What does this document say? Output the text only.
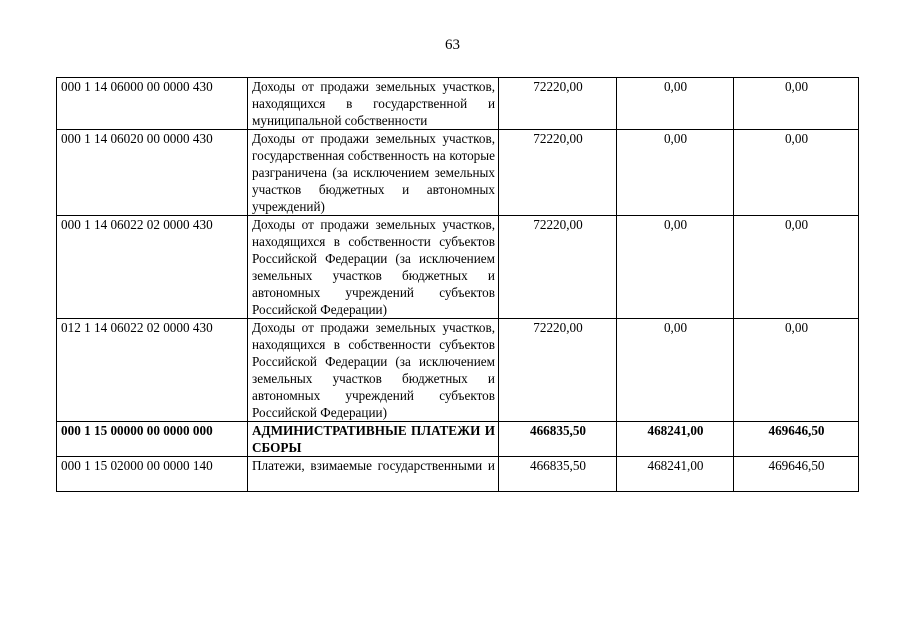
63
000 1 14 06000 00 0000 430	Доходы от продажи земельных участков, находящихся в государственной и муниципальной собственности	72220,00	0,00	0,00
000 1 14 06020 00 0000 430	Доходы от продажи земельных участков, государственная собственность на которые разграничена (за исключением земельных участков бюджетных и автономных учреждений)	72220,00	0,00	0,00
000 1 14 06022 02 0000 430	Доходы от продажи земельных участков, находящихся в собственности субъектов Российской Федерации (за исключением земельных участков бюджетных и автономных учреждений субъектов Российской Федерации)	72220,00	0,00	0,00
012 1 14 06022 02 0000 430	Доходы от продажи земельных участков, находящихся в собственности субъектов Российской Федерации (за исключением земельных участков бюджетных и автономных учреждений субъектов Российской Федерации)	72220,00	0,00	0,00
000 1 15 00000 00 0000 000	АДМИНИСТРАТИВНЫЕ ПЛАТЕЖИ И СБОРЫ	466835,50	468241,00	469646,50
000 1 15 02000 00 0000 140	Платежи, взимаемые государственными и	466835,50	468241,00	469646,50
